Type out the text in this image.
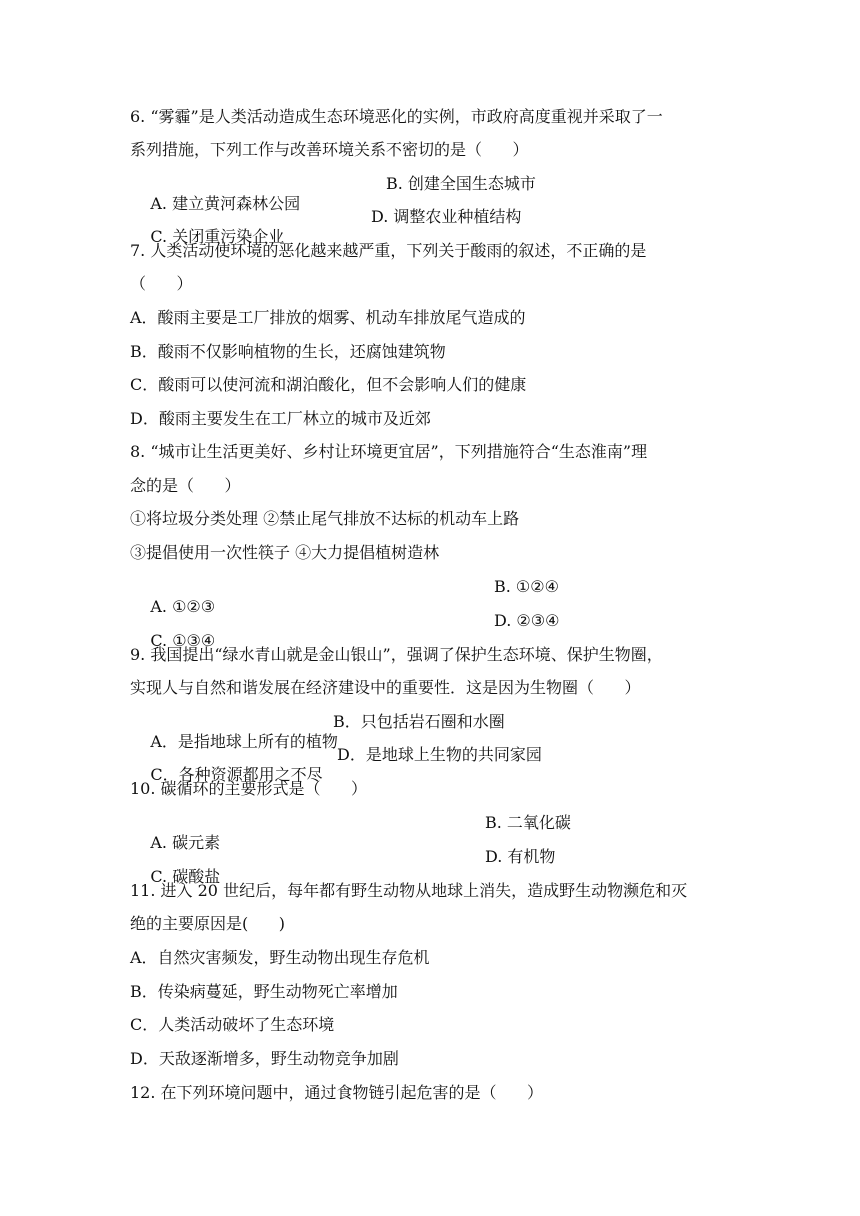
6. “雾霾”是人类活动造成生态环境恶化的实例，市政府高度重视并采取了一
系列措施，下列工作与改善环境关系不密切的是（      ）

A. 建立黄河森林公园

B. 创建全国生态城市

C. 关闭重污染企业

D. 调整农业种植结构

7. 人类活动使环境的恶化越来越严重，下列关于酸雨的叙述，不正确的是
（      ）
A．酸雨主要是工厂排放的烟雾、机动车排放尾气造成的
B．酸雨不仅影响植物的生长，还腐蚀建筑物
C．酸雨可以使河流和湖泊酸化，但不会影响人们的健康
D．酸雨主要发生在工厂林立的城市及近郊
8. “城市让生活更美好、乡村让环境更宜居”，下列措施符合“生态淮南”理
念的是（      ）
①将垃圾分类处理 ②禁止尾气排放不达标的机动车上路
③提倡使用一次性筷子 ④大力提倡植树造林

A. ①②③

B. ①②④

C. ①③④

D. ②③④

9. 我国提出“绿水青山就是金山银山”，强调了保护生态环境、保护生物圈，
实现人与自然和谐发展在经济建设中的重要性．这是因为生物圈（      ）

A．是指地球上所有的植物

B．只包括岩石圈和水圈

C．各种资源都用之不尽

D．是地球上生物的共同家园

10. 碳循环的主要形式是（      ）

A. 碳元素

B. 二氧化碳

C. 碳酸盐

D. 有机物

11. 进入 20 世纪后，每年都有野生动物从地球上消失，造成野生动物濒危和灭
绝的主要原因是(      )
A．自然灾害频发，野生动物出现生存危机
B．传染病蔓延，野生动物死亡率增加
C．人类活动破坏了生态环境
D．天敌逐渐增多，野生动物竞争加剧
12. 在下列环境问题中，通过食物链引起危害的是（      ）
